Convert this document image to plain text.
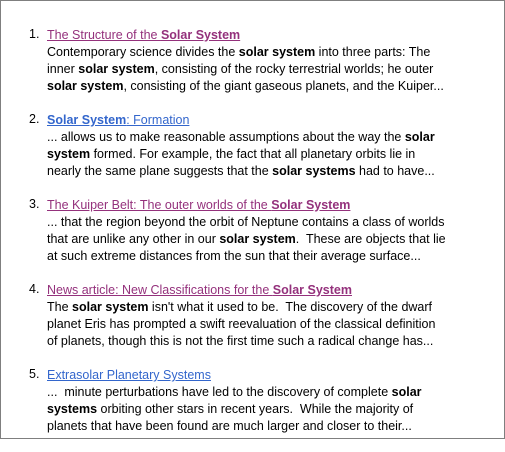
1. The Structure of the Solar System
Contemporary science divides the solar system into three parts: The
inner solar system, consisting of the rocky terrestrial worlds; he outer
solar system, consisting of the giant gaseous planets, and the Kuiper...
2. Solar System: Formation
... allows us to make reasonable assumptions about the way the solar
system formed. For example, the fact that all planetary orbits lie in
nearly the same plane suggests that the solar systems had to have...
3. The Kuiper Belt: The outer worlds of the Solar System
... that the region beyond the orbit of Neptune contains a class of worlds
that are unlike any other in our solar system.  These are objects that lie
at such extreme distances from the sun that their average surface...
4. News article: New Classifications for the Solar System
The solar system isn't what it used to be.  The discovery of the dwarf
planet Eris has prompted a swift reevaluation of the classical definition
of planets, though this is not the first time such a radical change has...
5. Extrasolar Planetary Systems
...  minute perturbations have led to the discovery of complete solar
systems orbiting other stars in recent years.  While the majority of
planets that have been found are much larger and closer to their...
